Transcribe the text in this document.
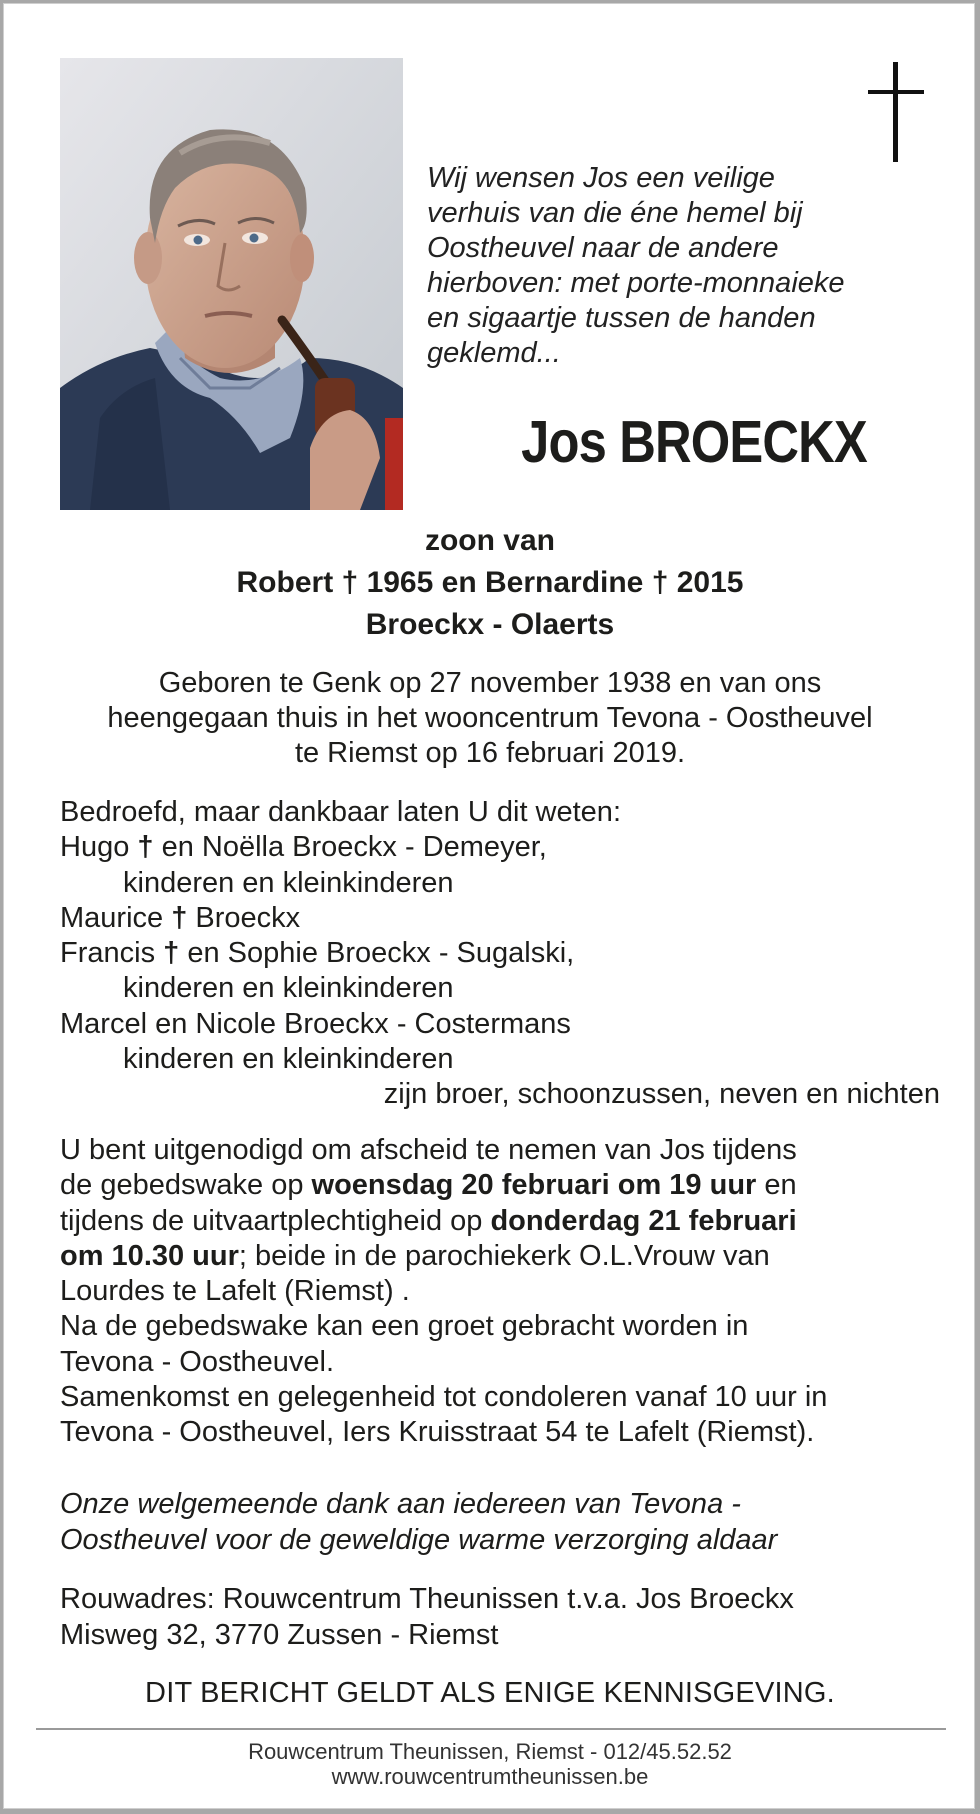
Wij wensen Jos een veilige
verhuis van die éne hemel bij
Oostheuvel naar de andere
hierboven: met porte-monnaieke
en sigaartje tussen de handen
geklemd...
Jos BROECKX
zoon van
Robert † 1965 en Bernardine † 2015
Broeckx - Olaerts
Geboren te Genk op 27 november 1938 en van ons
heengegaan thuis in het wooncentrum Tevona - Oostheuvel
te Riemst op 16 februari 2019.
Bedroefd, maar dankbaar laten U dit weten:
Hugo † en Noëlla Broeckx - Demeyer,
kinderen en kleinkinderen
Maurice † Broeckx
Francis † en Sophie Broeckx - Sugalski,
kinderen en kleinkinderen
Marcel en Nicole Broeckx - Costermans
kinderen en kleinkinderen
zijn broer, schoonzussen, neven en nichten
U bent uitgenodigd om afscheid te nemen van Jos tijdens
de gebedswake op woensdag 20 februari om 19 uur en
tijdens de uitvaartplechtigheid op donderdag 21 februari
om 10.30 uur; beide in de parochiekerk O.L.Vrouw van
Lourdes te Lafelt (Riemst) .
Na de gebedswake kan een groet gebracht worden in
Tevona - Oostheuvel.
Samenkomst en gelegenheid tot condoleren vanaf 10 uur in
Tevona - Oostheuvel, Iers Kruisstraat 54 te Lafelt (Riemst).
Onze welgemeende dank aan iedereen van Tevona -
Oostheuvel voor de geweldige warme verzorging aldaar
Rouwadres: Rouwcentrum Theunissen t.v.a. Jos Broeckx
Misweg 32, 3770 Zussen - Riemst
DIT BERICHT GELDT ALS ENIGE KENNISGEVING.
Rouwcentrum Theunissen, Riemst - 012/45.52.52
www.rouwcentrumtheunissen.be
